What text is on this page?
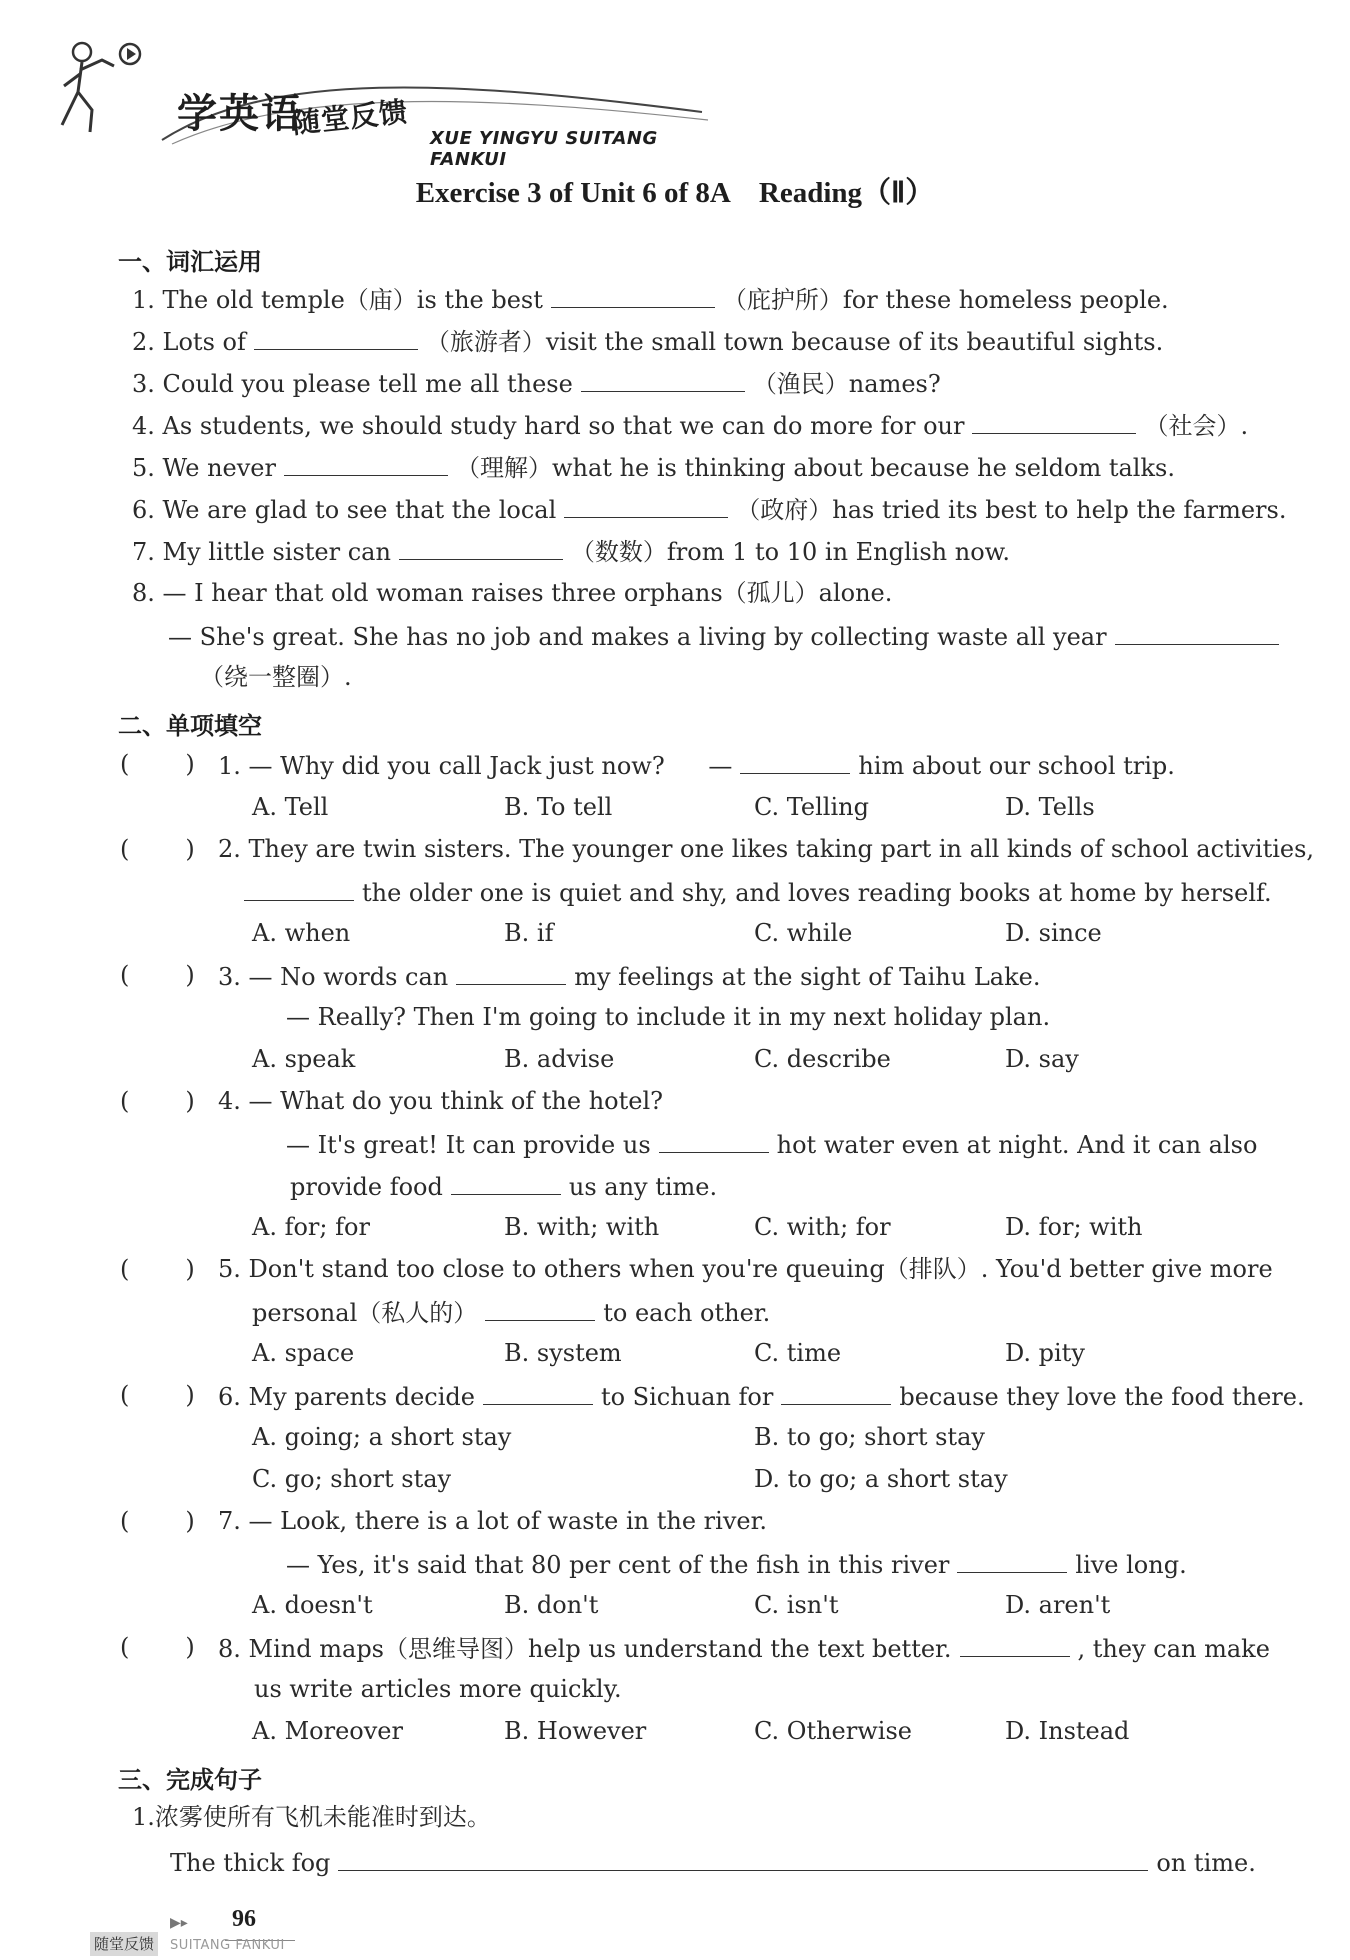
学英语
随堂反馈 XUE YINGYU SUITANG FANKUI
Exercise 3 of Unit 6 of 8A Reading（Ⅱ）
一、词汇运用
1. The old temple（庙）is the best	（庇护所）for these homeless people.
2. Lots of	（旅游者）visit the small town because of its beautiful sights.
3. Could you please tell me all these	（渔民）names?
4. As students, we should study hard so that we can do more for our	（社会）.
5. We never	（理解）what he is thinking about because he seldom talks.
6. We are glad to see that the local	（政府）has tried its best to help the farmers.
7. My little sister can	（数数）from 1 to 10 in English now.
8. — I hear that old woman raises three orphans（孤儿）alone.
— She's great. She has no job and makes a living by collecting waste all year
（绕一整圈）.
二、单项填空
( ) 1. — Why did you call Jack just now? —	him about our school trip.
A. Tell	B. To tell	C. Telling	D. Tells
( ) 2. They are twin sisters. The younger one likes taking part in all kinds of school activities,
the older one is quiet and shy, and loves reading books at home by herself.
A. when	B. if	C. while	D. since
( ) 3. — No words can	my feelings at the sight of Taihu Lake.
— Really? Then I'm going to include it in my next holiday plan.
A. speak	B. advise	C. describe	D. say
( ) 4. — What do you think of the hotel?
— It's great! It can provide us	hot water even at night. And it can also
provide food	us any time.
A. for; for	B. with; with	C. with; for	D. for; with
( ) 5. Don't stand too close to others when you're queuing（排队）. You'd better give more
personal（私人的）	to each other.
A. space	B. system	C. time	D. pity
( ) 6. My parents decide	to Sichuan for	because they love the food there.
A. going; a short stay	B. to go; short stay
C. go; short stay	D. to go; a short stay
( ) 7. — Look, there is a lot of waste in the river.
— Yes, it's said that 80 per cent of the fish in this river	live long.
A. doesn't	B. don't	C. isn't	D. aren't
( ) 8. Mind maps（思维导图）help us understand the text better.	, they can make
us write articles more quickly.
A. Moreover	B. However	C. Otherwise	D. Instead
三、完成句子
1.浓雾使所有飞机未能准时到达。
The thick fog	on time.
▶▸ 96
随堂反馈	SUITANG FANKUI
